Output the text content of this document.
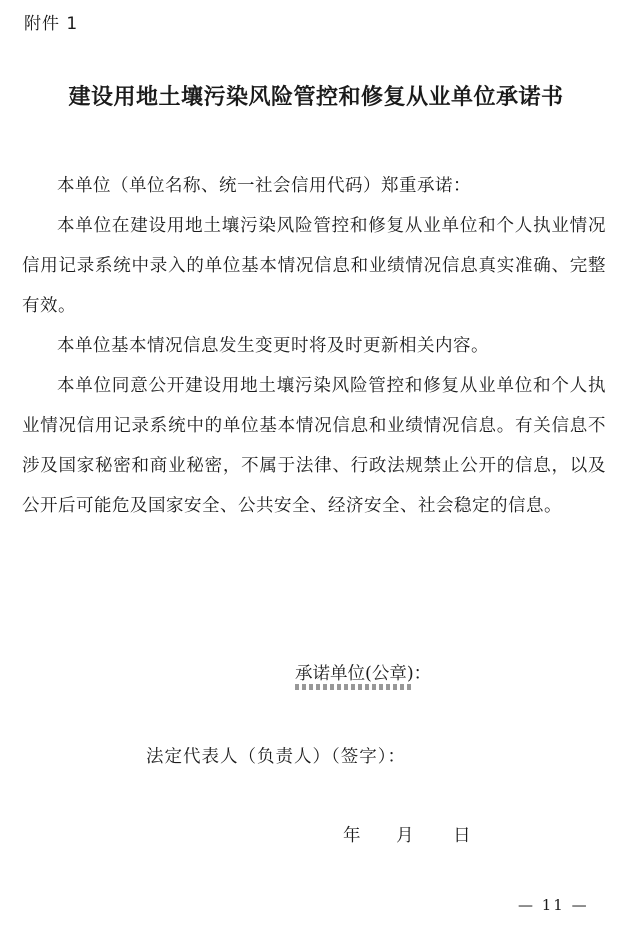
附件 1
建设用地土壤污染风险管控和修复从业单位承诺书

本单位（单位名称、统一社会信用代码）郑重承诺：

本单位在建设用地土壤污染风险管控和修复从业单位和个人执业情况信用记录系统中录入的单位基本情况信息和业绩情况信息真实准确、完整有效。

本单位基本情况信息发生变更时将及时更新相关内容。

本单位同意公开建设用地土壤污染风险管控和修复从业单位和个人执业情况信用记录系统中的单位基本情况信息和业绩情况信息。有关信息不涉及国家秘密和商业秘密，不属于法律、行政法规禁止公开的信息，以及公开后可能危及国家安全、公共安全、经济安全、社会稳定的信息。

承诺单位(公章)：
法定代表人（负责人）（签字）：
年 月 日
— 11 —
